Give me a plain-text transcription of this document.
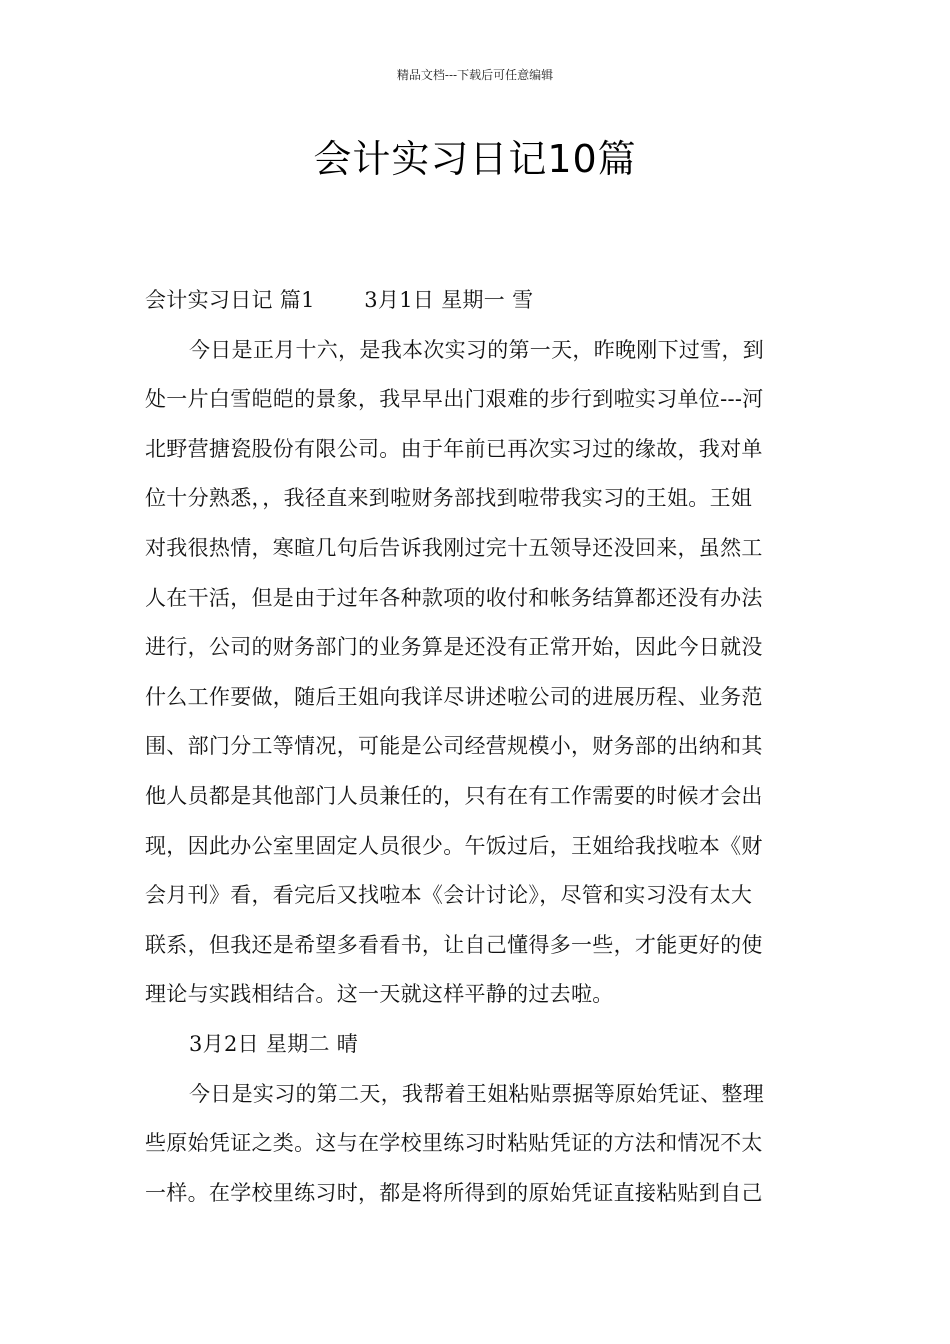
精品文档---下载后可任意编辑
会计实习日记10篇

会计实习日记 篇1　　 3月1日 星期一 雪

今日是正月十六，是我本次实习的第一天，昨晚刚下过雪，到
处一片白雪皑皑的景象，我早早出门艰难的步行到啦实习单位---河
北野营搪瓷股份有限公司。由于年前已再次实习过的缘故，我对单
位十分熟悉，，我径直来到啦财务部找到啦带我实习的王姐。王姐
对我很热情，寒暄几句后告诉我刚过完十五领导还没回来，虽然工
人在干活，但是由于过年各种款项的收付和帐务结算都还没有办法
进行，公司的财务部门的业务算是还没有正常开始，因此今日就没
什么工作要做，随后王姐向我详尽讲述啦公司的进展历程、业务范
围、部门分工等情况，可能是公司经营规模小，财务部的出纳和其
他人员都是其他部门人员兼任的，只有在有工作需要的时候才会出
现，因此办公室里固定人员很少。午饭过后，王姐给我找啦本《财
会月刊》看，看完后又找啦本《会计讨论》，尽管和实习没有太大
联系，但我还是希望多看看书，让自己懂得多一些，才能更好的使
理论与实践相结合。这一天就这样平静的过去啦。

3月2日 星期二 晴

今日是实习的第二天，我帮着王姐粘贴票据等原始凭证、整理
些原始凭证之类。这与在学校里练习时粘贴凭证的方法和情况不太
一样。在学校里练习时，都是将所得到的原始凭证直接粘贴到自己
